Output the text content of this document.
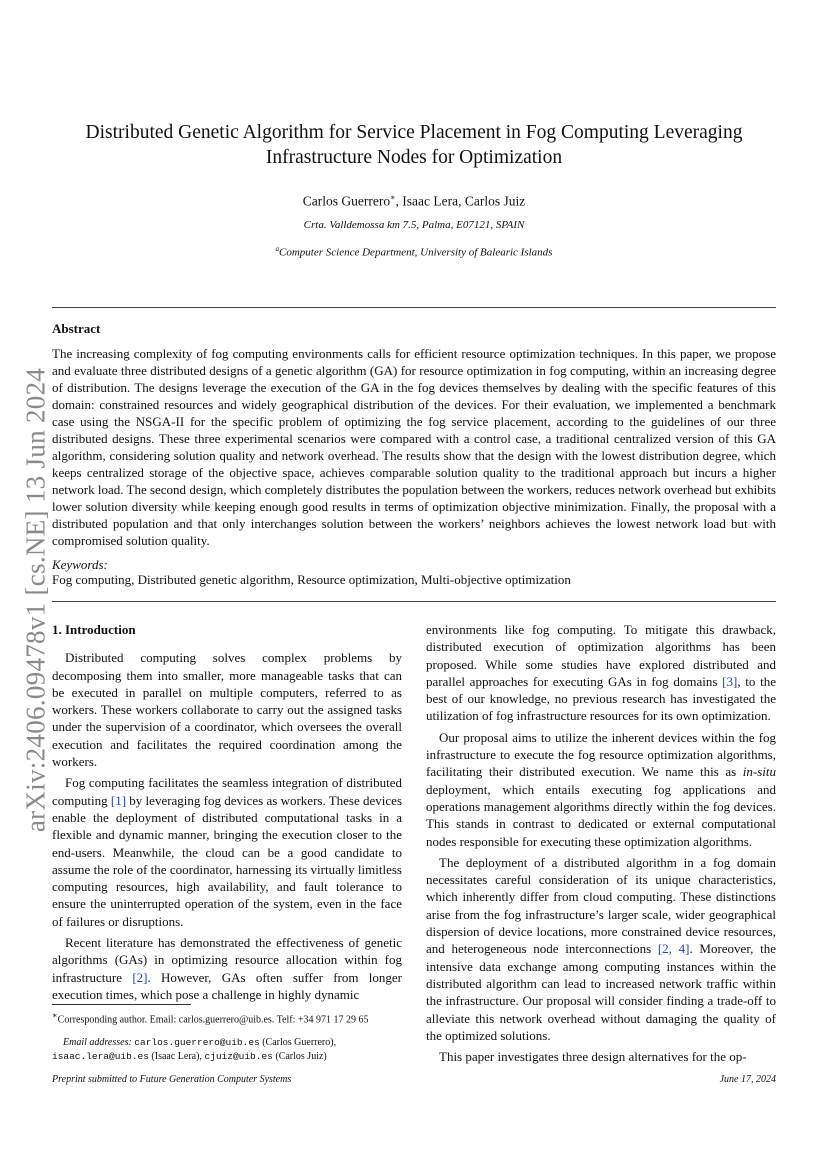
arXiv:2406.09478v1 [cs.NE] 13 Jun 2024
Distributed Genetic Algorithm for Service Placement in Fog Computing Leveraging
Infrastructure Nodes for Optimization
Carlos Guerrero∗, Isaac Lera, Carlos Juiz
Crta. Valldemossa km 7.5, Palma, E07121, SPAIN
$^a$Computer Science Department, University of Balearic Islands
Abstract
The increasing complexity of fog computing environments calls for efficient resource optimization techniques. In this paper, we propose and evaluate three distributed designs of a genetic algorithm (GA) for resource optimization in fog computing, within an increasing degree of distribution. The designs leverage the execution of the GA in the fog devices themselves by dealing with the specific features of this domain: constrained resources and widely geographical distribution of the devices. For their evaluation, we implemented a benchmark case using the NSGA-II for the specific problem of optimizing the fog service placement, according to the guidelines of our three distributed designs. These three experimental scenarios were compared with a control case, a traditional centralized version of this GA algorithm, considering solution quality and network overhead. The results show that the design with the lowest distribution degree, which keeps centralized storage of the objective space, achieves comparable solution quality to the traditional approach but incurs a higher network load. The second design, which completely distributes the population between the workers, reduces network overhead but exhibits lower solution diversity while keeping enough good results in terms of optimization objective minimization. Finally, the proposal with a distributed population and that only interchanges solution between the workers’ neighbors achieves the lowest network load but with compromised solution quality.
Keywords:
Fog computing, Distributed genetic algorithm, Resource optimization, Multi-objective optimization
1. Introduction

Distributed computing solves complex problems by decomposing them into smaller, more manageable tasks that can be executed in parallel on multiple computers, referred to as workers. These workers collaborate to carry out the assigned tasks under the supervision of a coordinator, which oversees the overall execution and facilitates the required coordination among the workers.

Fog computing facilitates the seamless integration of distributed computing [1] by leveraging fog devices as workers. These devices enable the deployment of distributed computational tasks in a flexible and dynamic manner, bringing the execution closer to the end-users. Meanwhile, the cloud can be a good candidate to assume the role of the coordinator, harnessing its virtually limitless computing resources, high availability, and fault tolerance to ensure the uninterrupted operation of the system, even in the face of failures or disruptions.

Recent literature has demonstrated the effectiveness of genetic algorithms (GAs) in optimizing resource allocation within fog infrastructure [2]. However, GAs often suffer from longer execution times, which pose a challenge in highly dynamic

environments like fog computing. To mitigate this drawback, distributed execution of optimization algorithms has been proposed. While some studies have explored distributed and parallel approaches for executing GAs in fog domains [3], to the best of our knowledge, no previous research has investigated the utilization of fog infrastructure resources for its own optimization.

Our proposal aims to utilize the inherent devices within the fog infrastructure to execute the fog resource optimization algorithms, facilitating their distributed execution. We name this as in-situ deployment, which entails executing fog applications and operations management algorithms directly within the fog devices. This stands in contrast to dedicated or external computational nodes responsible for executing these optimization algorithms.

The deployment of a distributed algorithm in a fog domain necessitates careful consideration of its unique characteristics, which inherently differ from cloud computing. These distinctions arise from the fog infrastructure’s larger scale, wider geographical dispersion of device locations, more constrained device resources, and heterogeneous node interconnections [2, 4]. Moreover, the intensive data exchange among computing instances within the distributed algorithm can lead to increased network traffic within the infrastructure. Our proposal will consider finding a trade-off to alleviate this network overhead without damaging the quality of the optimized solutions.

This paper investigates three design alternatives for the op-

∗Corresponding author. Email: carlos.guerrero@uib.es. Telf: +34 971 17 29 65
Email addresses: carlos.guerrero@uib.es (Carlos Guerrero), isaac.lera@uib.es (Isaac Lera), cjuiz@uib.es (Carlos Juiz)
Preprint submitted to Future Generation Computer Systems	June 17, 2024
